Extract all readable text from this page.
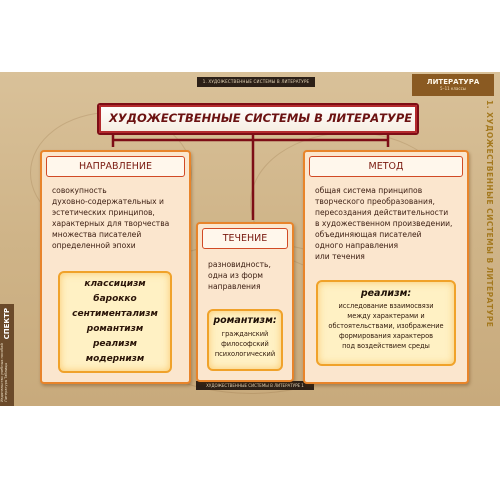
1. ХУДОЖЕСТВЕННЫЕ СИСТЕМЫ В ЛИТЕРАТУРЕ
ХУДОЖЕСТВЕННЫЕ СИСТЕМЫ В ЛИТЕРАТУРЕ 1
ЛИТЕРАТУРА
5–11 классы
1. ХУДОЖЕСТВЕННЫЕ СИСТЕМЫ В ЛИТЕРАТУРЕ
СПЕКТР
Издательство учебных пособий Литература Таблицы
ХУДОЖЕСТВЕННЫЕ СИСТЕМЫ В ЛИТЕРАТУРЕ
НАПРАВЛЕНИЕ
совокупность
духовно-содержательных и
эстетических принципов,
характерных для творчества
множества писателей
определенной эпохи
классицизм
барокко
сентиментализм
романтизм
реализм
модернизм
ТЕЧЕНИЕ
разновидность,
одна из форм
направления
романтизм:
гражданский
философский
психологический
МЕТОД
общая система принципов
творческого преобразования,
пересоздания действительности
в художественном произведении,
объединяющая писателей
одного направления
или течения
реализм:
исследование взаимосвязи
между характерами и
обстоятельствами, изображение
формирования характеров
под воздействием среды
